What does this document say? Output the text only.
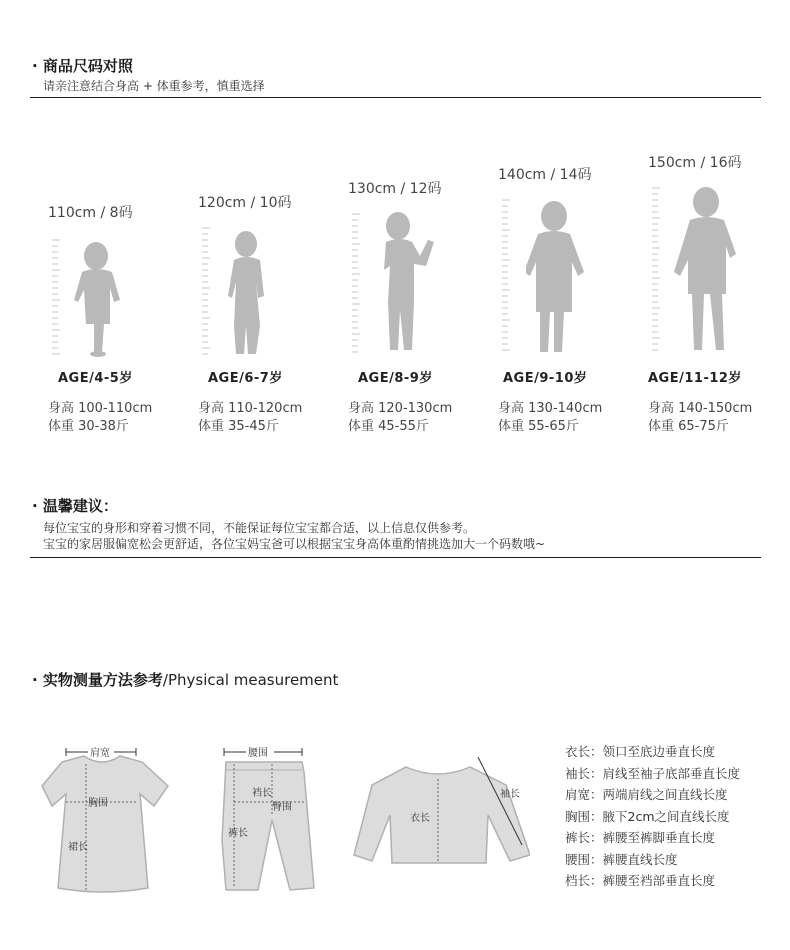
· 商品尺码对照
请亲注意结合身高 + 体重参考，慎重选择
110cm / 8码
AGE/4-5岁
身高 100-110cm
体重 30-38斤
120cm / 10码
AGE/6-7岁
身高 110-120cm
体重 35-45斤
130cm / 12码
AGE/8-9岁
身高 120-130cm
体重 45-55斤
140cm / 14码
AGE/9-10岁
身高 130-140cm
体重 55-65斤
150cm / 16码
AGE/11-12岁
身高 140-150cm
体重 65-75斤
· 温馨建议：
每位宝宝的身形和穿着习惯不同，不能保证每位宝宝都合适，以上信息仅供参考。
宝宝的家居服偏宽松会更舒适，各位宝妈宝爸可以根据宝宝身高体重酌情挑选加大一个码数哦~
· 实物测量方法参考/Physical measurement
肩宽
胸围
裙长
腰围
裆长
臀围
裤长
衣长
袖长
衣长：领口至底边垂直长度
袖长：肩线至袖子底部垂直长度
肩宽：两端肩线之间直线长度
胸围：腋下2cm之间直线长度
裤长：裤腰至裤脚垂直长度
腰围：裤腰直线长度
档长：裤腰至裆部垂直长度
